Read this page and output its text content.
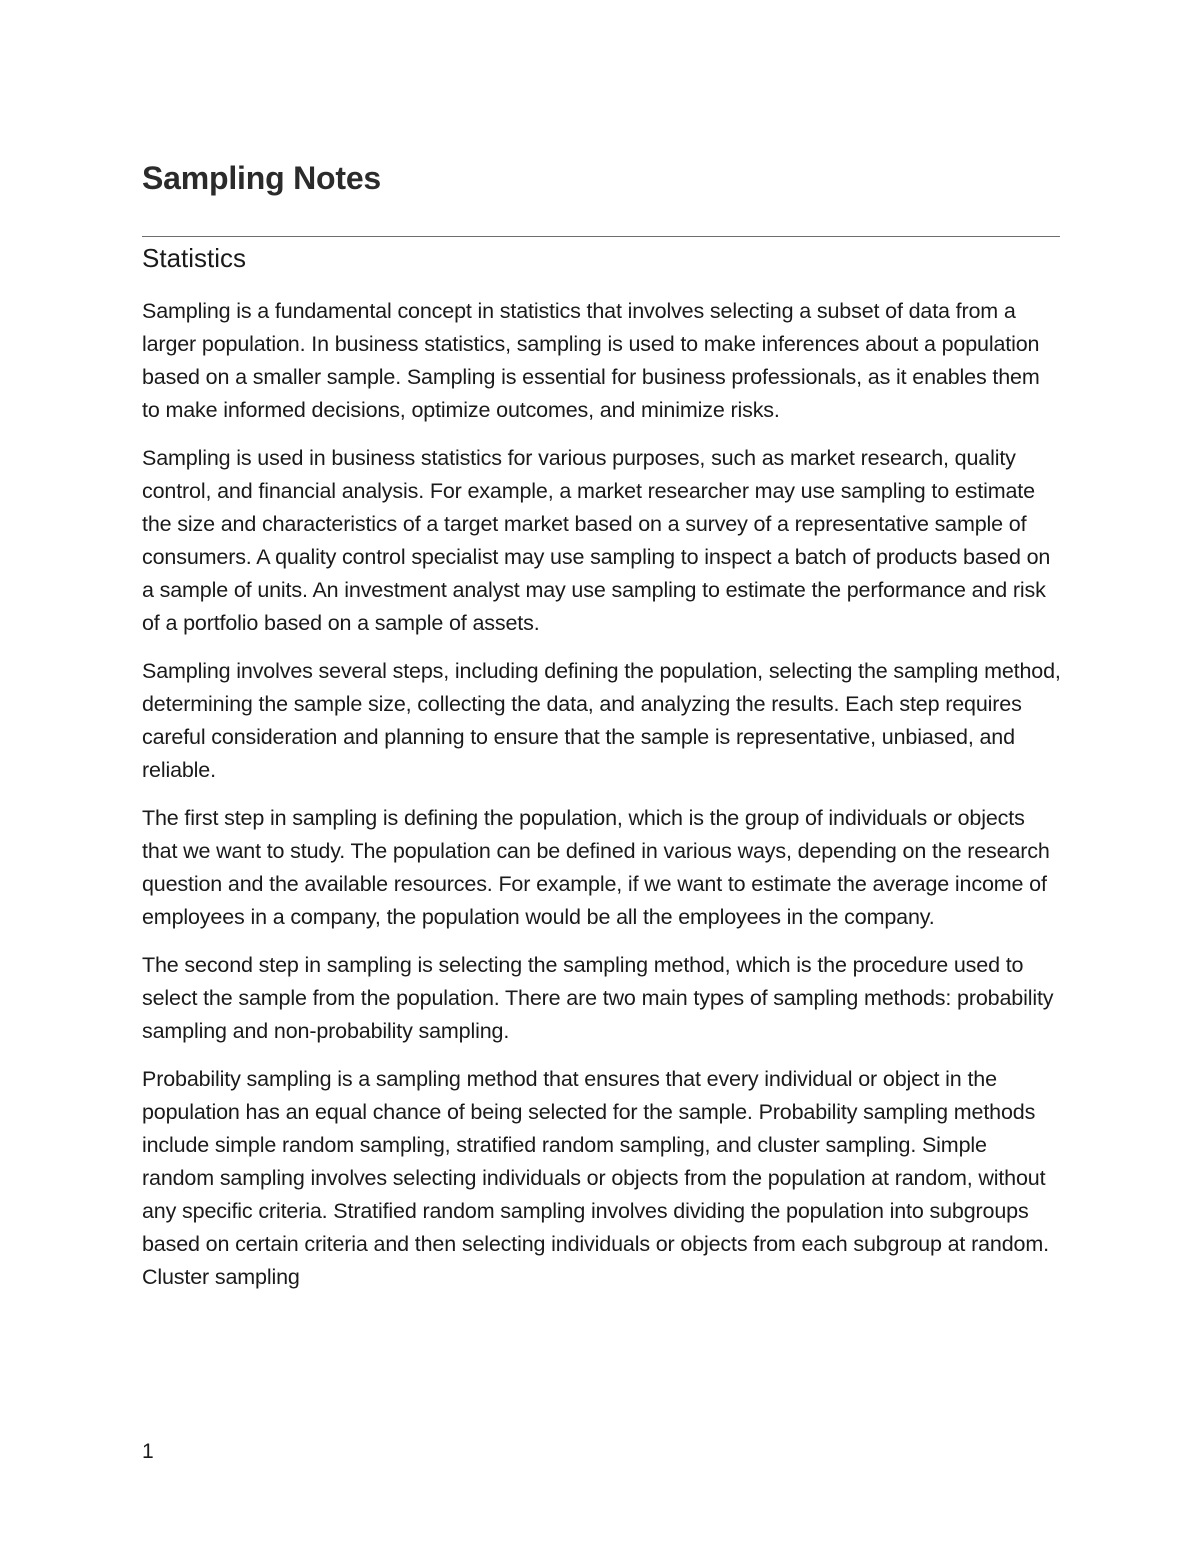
Sampling Notes
Statistics

Sampling is a fundamental concept in statistics that involves selecting a subset of data from a larger population. In business statistics, sampling is used to make inferences about a population based on a smaller sample. Sampling is essential for business professionals, as it enables them to make informed decisions, optimize outcomes, and minimize risks.

Sampling is used in business statistics for various purposes, such as market research, quality control, and financial analysis. For example, a market researcher may use sampling to estimate the size and characteristics of a target market based on a survey of a representative sample of consumers. A quality control specialist may use sampling to inspect a batch of products based on a sample of units. An investment analyst may use sampling to estimate the performance and risk of a portfolio based on a sample of assets.

Sampling involves several steps, including defining the population, selecting the sampling method, determining the sample size, collecting the data, and analyzing the results. Each step requires careful consideration and planning to ensure that the sample is representative, unbiased, and reliable.

The first step in sampling is defining the population, which is the group of individuals or objects that we want to study. The population can be defined in various ways, depending on the research question and the available resources. For example, if we want to estimate the average income of employees in a company, the population would be all the employees in the company.

The second step in sampling is selecting the sampling method, which is the procedure used to select the sample from the population. There are two main types of sampling methods: probability sampling and non-probability sampling.

Probability sampling is a sampling method that ensures that every individual or object in the population has an equal chance of being selected for the sample. Probability sampling methods include simple random sampling, stratified random sampling, and cluster sampling. Simple random sampling involves selecting individuals or objects from the population at random, without any specific criteria. Stratified random sampling involves dividing the population into subgroups based on certain criteria and then selecting individuals or objects from each subgroup at random. Cluster sampling

1
